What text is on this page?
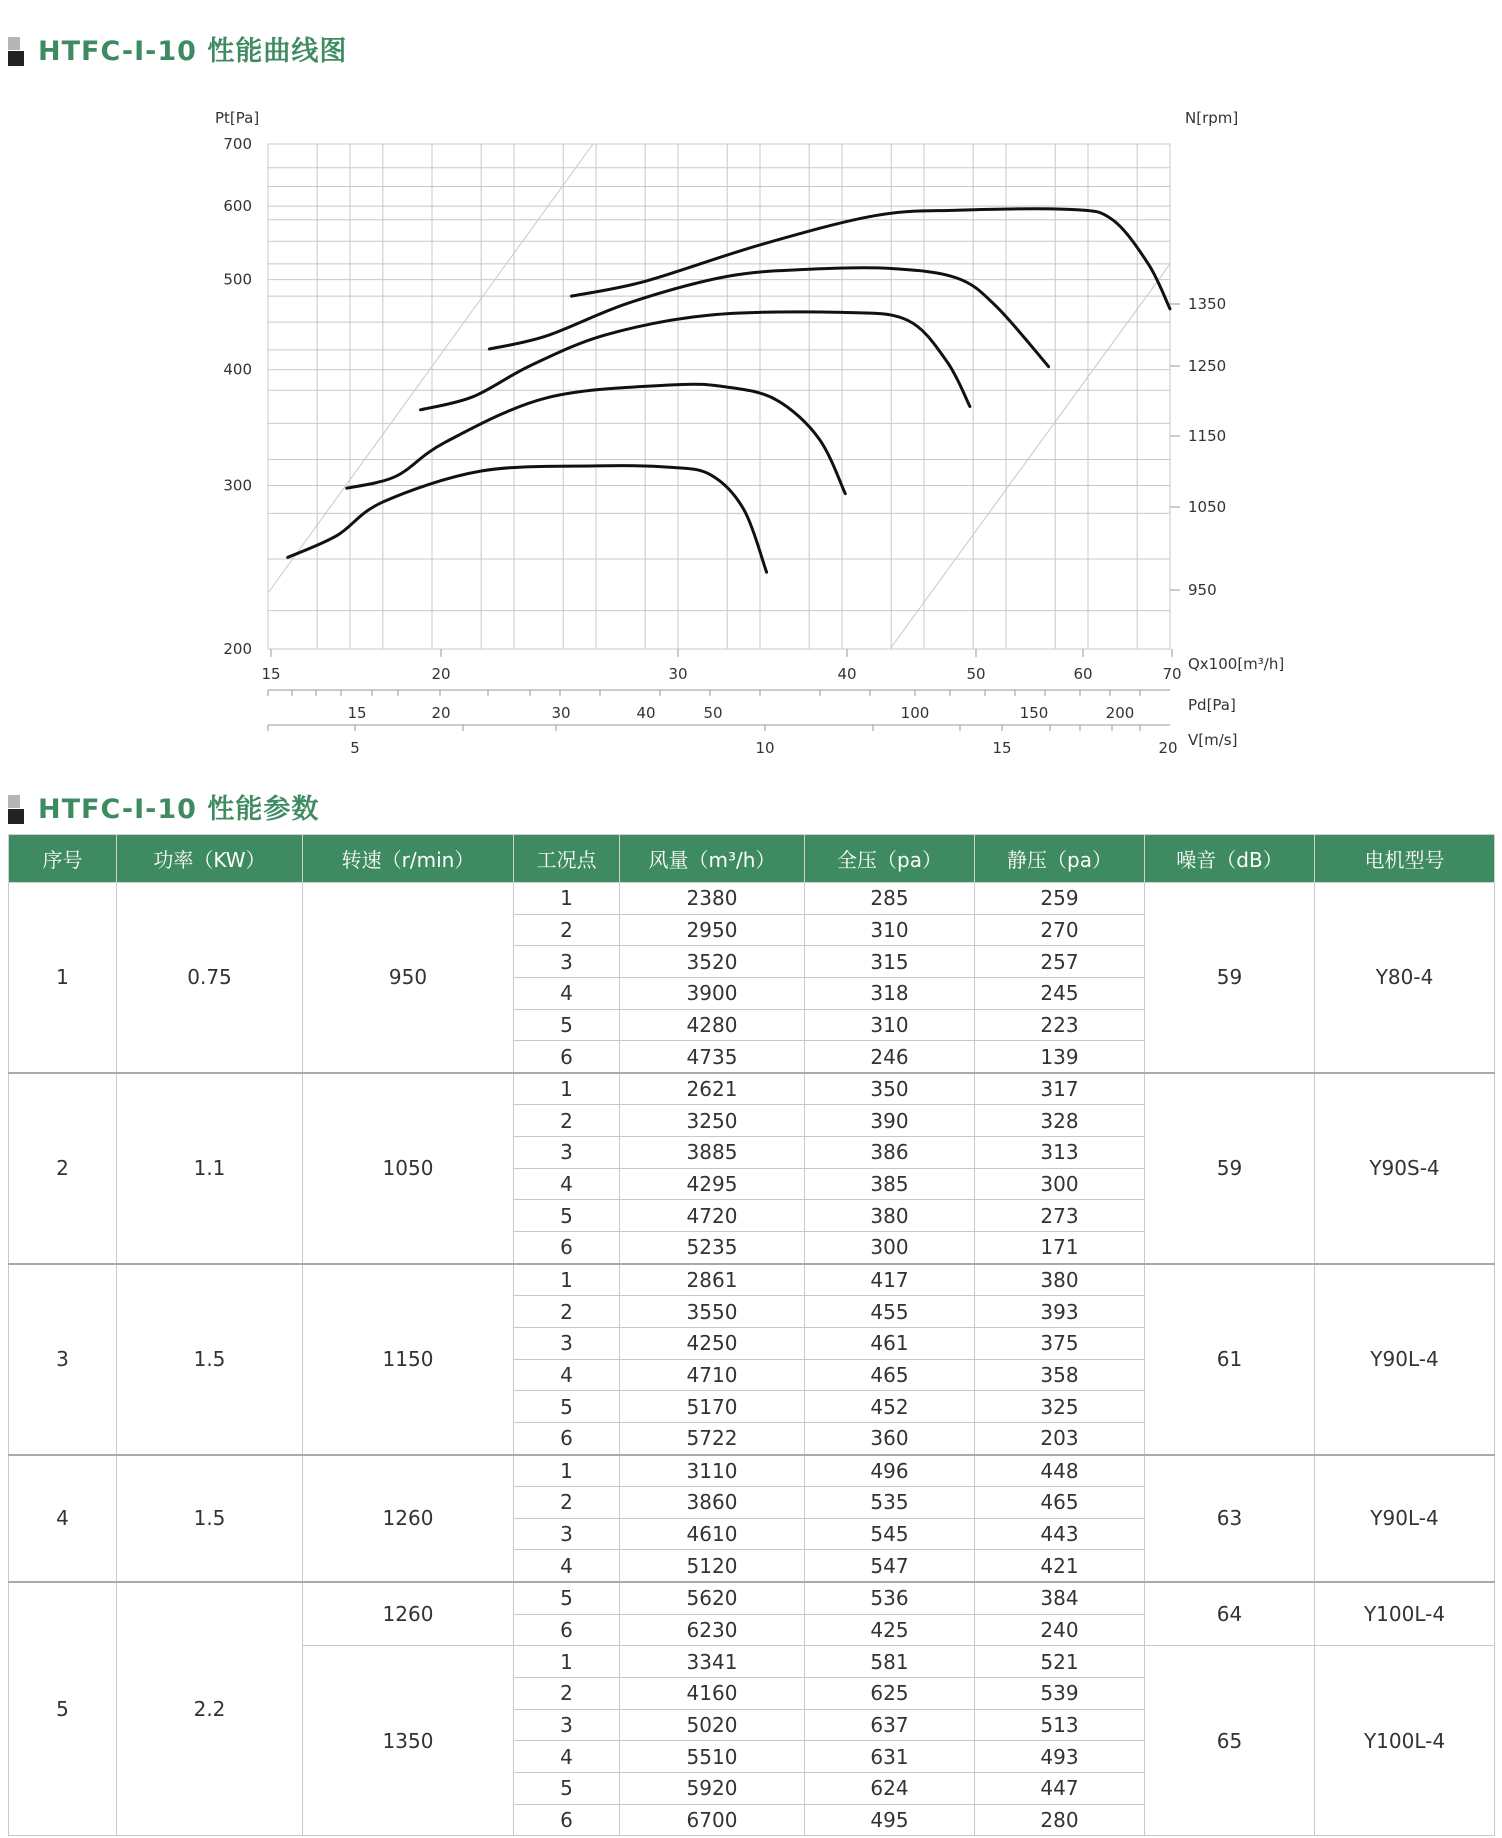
HTFC-I-10 性能曲线图
200
300
400
500
600
700
Pt[Pa]	N[rpm]
1350
1250
1150
1050
950
15	20	30	40	50	60	70
Qx100[m³/h]
15	20	30	40	50	100	150	200	Pd[Pa]
5	10	15	20 V[m/s]
HTFC-I-10 性能参数
序号	功率（KW）	转速（r/min）	工况点	风量（m³/h）	全压（pa）	静压（pa）	噪音（dB）	电机型号
1	0.75	950	1	2380	285	259	59	Y80-4
			2	2950	310	270		
			3	3520	315	257		
			4	3900	318	245		
			5	4280	310	223		
			6	4735	246	139		
2	1.1	1050	1	2621	350	317	59	Y90S-4
			2	3250	390	328		
			3	3885	386	313		
			4	4295	385	300		
			5	4720	380	273		
			6	5235	300	171		
3	1.5	1150	1	2861	417	380	61	Y90L-4
			2	3550	455	393		
			3	4250	461	375		
			4	4710	465	358		
			5	5170	452	325		
			6	5722	360	203		
4	1.5	1260	1	3110	496	448	63	Y90L-4
			2	3860	535	465		
			3	4610	545	443		
			4	5120	547	421		
5	2.2	1260	5	5620	536	384	64	Y100L-4
			6	6230	425	240		
		1350	1	3341	581	521	65	Y100L-4
			2	4160	625	539		
			3	5020	637	513		
			4	5510	631	493		
			5	5920	624	447		
			6	6700	495	280		
